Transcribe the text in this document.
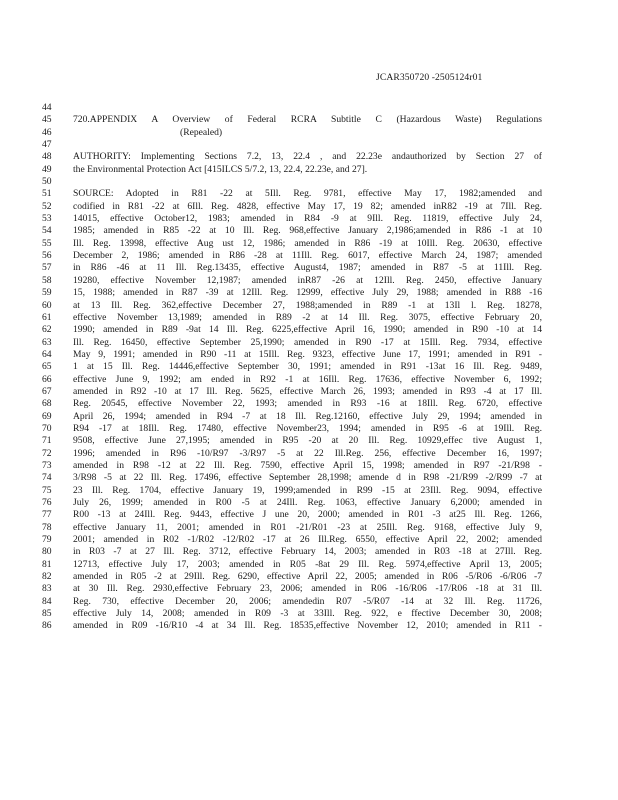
JCAR350720 -2505124r01
44
45	720.APPENDIX A Overview of Federal RCRA Subtitle C (Hazardous Waste) Regulations
46	(Repealed)
47
48	AUTHORITY: Implementing Sections 7.2, 13, 22.4 , and 22.23e andauthorized by Section 27 of
49	the Environmental Protection Act [415ILCS 5/7.2, 13, 22.4, 22.23e, and 27].
50
51	SOURCE: Adopted in R81 -22 at 5Ill. Reg. 9781, effective May 17, 1982;amended and
52	codified in R81 -22 at 6Ill. Reg. 4828, effective May 17, 19 82; amended inR82 -19 at 7Ill. Reg.
53	14015, effective October12, 1983; amended in R84 -9 at 9Ill. Reg. 11819, effective July 24,
54	1985; amended in R85 -22 at 10 Ill. Reg. 968,effective January 2,1986;amended in R86 -1 at 10
55	Ill. Reg. 13998, effective Aug ust 12, 1986; amended in R86 -19 at 10Ill. Reg. 20630, effective
56	December 2, 1986; amended in R86 -28 at 11Ill. Reg. 6017, effective March 24, 1987; amended
57	in R86 -46 at 11 Ill. Reg.13435, effective August4, 1987; amended in R87 -5 at 11Ill. Reg.
58	19280, effective November 12,1987; amended inR87 -26 at 12Ill. Reg. 2450, effective January
59	15, 1988; amended in R87 -39 at 12Ill. Reg. 12999, effective July 29, 1988; amended in R88 -16
60	at 13 Ill. Reg. 362,effective December 27, 1988;amended in R89 -1 at 13Il l. Reg. 18278,
61	effective November 13,1989; amended in R89 -2 at 14 Ill. Reg. 3075, effective February 20,
62	1990; amended in R89 -9at 14 Ill. Reg. 6225,effective April 16, 1990; amended in R90 -10 at 14
63	Ill. Reg. 16450, effective September 25,1990; amended in R90 -17 at 15Ill. Reg. 7934, effective
64	May 9, 1991; amended in R90 -11 at 15Ill. Reg. 9323, effective June 17, 1991; amended in R91 -
65	1 at 15 Ill. Reg. 14446,effective September 30, 1991; amended in R91 -13at 16 Ill. Reg. 9489,
66	effective June 9, 1992; am ended in R92 -1 at 16Ill. Reg. 17636, effective November 6, 1992;
67	amended in R92 -10 at 17 Ill. Reg. 5625, effective March 26, 1993; amended in R93 -4 at 17 Ill.
68	Reg. 20545, effective November 22, 1993; amended in R93 -16 at 18Ill. Reg. 6720, effective
69	April 26, 1994; amended in R94 -7 at 18 Ill. Reg.12160, effective July 29, 1994; amended in
70	R94 -17 at 18Ill. Reg. 17480, effective November23, 1994; amended in R95 -6 at 19Ill. Reg.
71	9508, effective June 27,1995; amended in R95 -20 at 20 Ill. Reg. 10929,effec tive August 1,
72	1996; amended in R96 -10/R97 -3/R97 -5 at 22 Ill.Reg. 256, effective December 16, 1997;
73	amended in R98 -12 at 22 Ill. Reg. 7590, effective April 15, 1998; amended in R97 -21/R98 -
74	3/R98 -5 at 22 Ill. Reg. 17496, effective September 28,1998; amende d in R98 -21/R99 -2/R99 -7 at
75	23 Ill. Reg. 1704, effective January 19, 1999;amended in R99 -15 at 23Ill. Reg. 9094, effective
76	July 26, 1999; amended in R00 -5 at 24Ill. Reg. 1063, effective January 6,2000; amended in
77	R00 -13 at 24Ill. Reg. 9443, effective J une 20, 2000; amended in R01 -3 at25 Ill. Reg. 1266,
78	effective January 11, 2001; amended in R01 -21/R01 -23 at 25Ill. Reg. 9168, effective July 9,
79	2001; amended in R02 -1/R02 -12/R02 -17 at 26 Ill.Reg. 6550, effective April 22, 2002; amended
80	in R03 -7 at 27 Ill. Reg. 3712, effective February 14, 2003; amended in R03 -18 at 27Ill. Reg.
81	12713, effective July 17, 2003; amended in R05 -8at 29 Ill. Reg. 5974,effective April 13, 2005;
82	amended in R05 -2 at 29Ill. Reg. 6290, effective April 22, 2005; amended in R06 -5/R06 -6/R06 -7
83	at 30 Ill. Reg. 2930,effective February 23, 2006; amended in R06 -16/R06 -17/R06 -18 at 31 Ill.
84	Reg. 730, effective December 20, 2006; amendedin R07 -5/R07 -14 at 32 Ill. Reg. 11726,
85	effective July 14, 2008; amended in R09 -3 at 33Ill. Reg. 922, e ffective December 30, 2008;
86	amended in R09 -16/R10 -4 at 34 Ill. Reg. 18535,effective November 12, 2010; amended in R11 -
